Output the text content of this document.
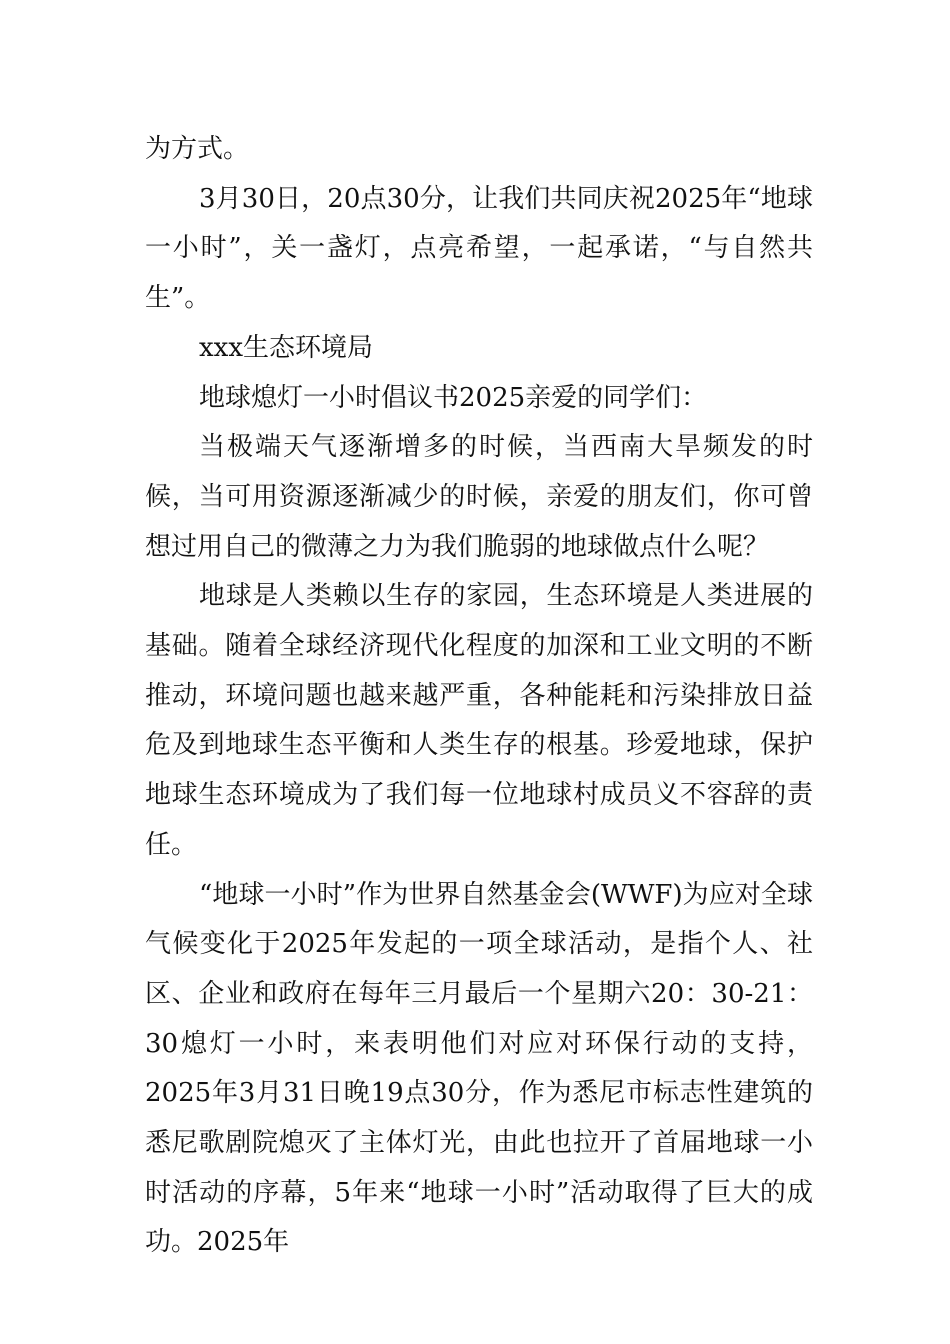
为方式。

3月30日，20点30分，让我们共同庆祝2025年“地球一小时”，关一盏灯，点亮希望，一起承诺，“与自然共生”。

xxx生态环境局

地球熄灯一小时倡议书2025亲爱的同学们：

当极端天气逐渐增多的时候，当西南大旱频发的时候，当可用资源逐渐减少的时候，亲爱的朋友们，你可曾想过用自己的微薄之力为我们脆弱的地球做点什么呢？

地球是人类赖以生存的家园，生态环境是人类进展的基础。随着全球经济现代化程度的加深和工业文明的不断推动，环境问题也越来越严重，各种能耗和污染排放日益危及到地球生态平衡和人类生存的根基。珍爱地球，保护地球生态环境成为了我们每一位地球村成员义不容辞的责任。

“地球一小时”作为世界自然基金会(WWF)为应对全球气候变化于2025年发起的一项全球活动，是指个人、社区、企业和政府在每年三月最后一个星期六20：30-21：30熄灯一小时，来表明他们对应对环保行动的支持，2025年3月31日晚19点30分，作为悉尼市标志性建筑的悉尼歌剧院熄灭了主体灯光，由此也拉开了首届地球一小时活动的序幕，5年来“地球一小时”活动取得了巨大的成功。2025年
